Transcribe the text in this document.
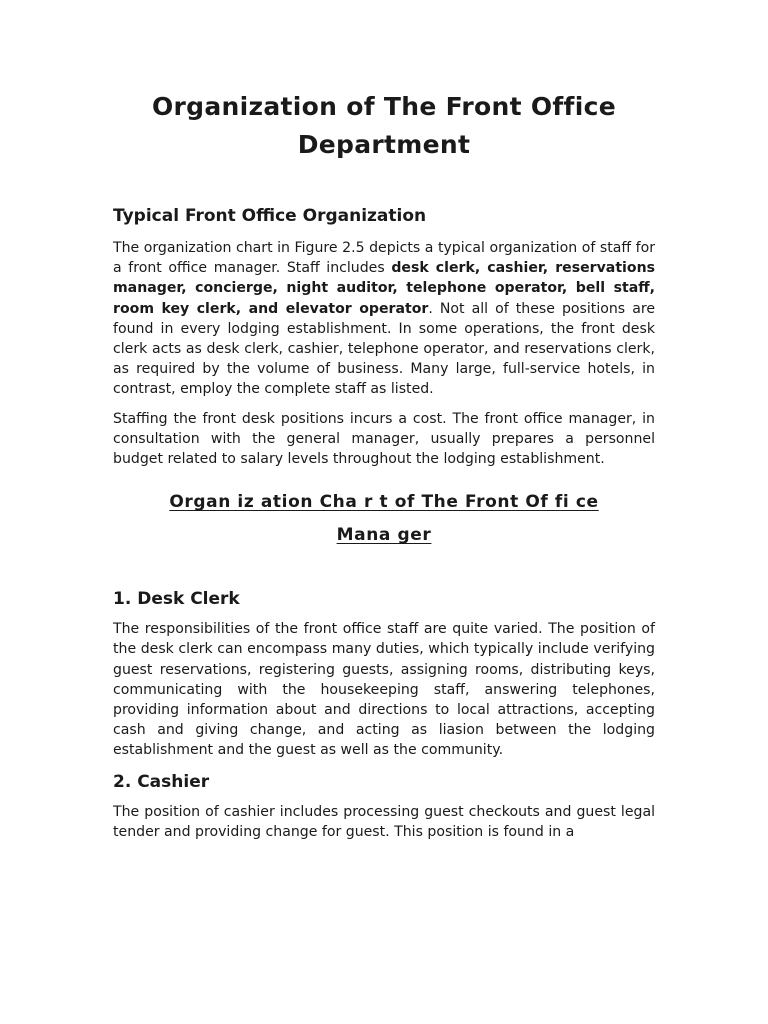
Organization of The Front Office
Department
Typical Front Office Organization

The organization chart in Figure 2.5 depicts a typical organization of staff for a front office manager. Staff includes desk clerk, cashier, reservations manager, concierge, night auditor, telephone operator, bell staff, room key clerk, and elevator operator. Not all of these positions are found in every lodging establishment. In some operations, the front desk clerk acts as desk clerk, cashier, telephone operator, and reservations clerk, as required by the volume of business. Many large, full-service hotels, in contrast, employ the complete staff as listed.

Staffing the front desk positions incurs a cost. The front office manager, in consultation with the general manager, usually prepares a personnel budget related to salary levels throughout the lodging establishment.

Organ iz ation Cha r t of The Front Of fi ce
Mana ger
1. Desk Clerk

The responsibilities of the front office staff are quite varied. The position of the desk clerk can encompass many duties, which typically include verifying guest reservations, registering guests, assigning rooms, distributing keys, communicating with the housekeeping staff, answering telephones, providing information about and directions to local attractions, accepting cash and giving change, and acting as liasion between the lodging establishment and the guest as well as the community.

2. Cashier

The position of cashier includes processing guest checkouts and guest legal tender and providing change for guest. This position is found in a
